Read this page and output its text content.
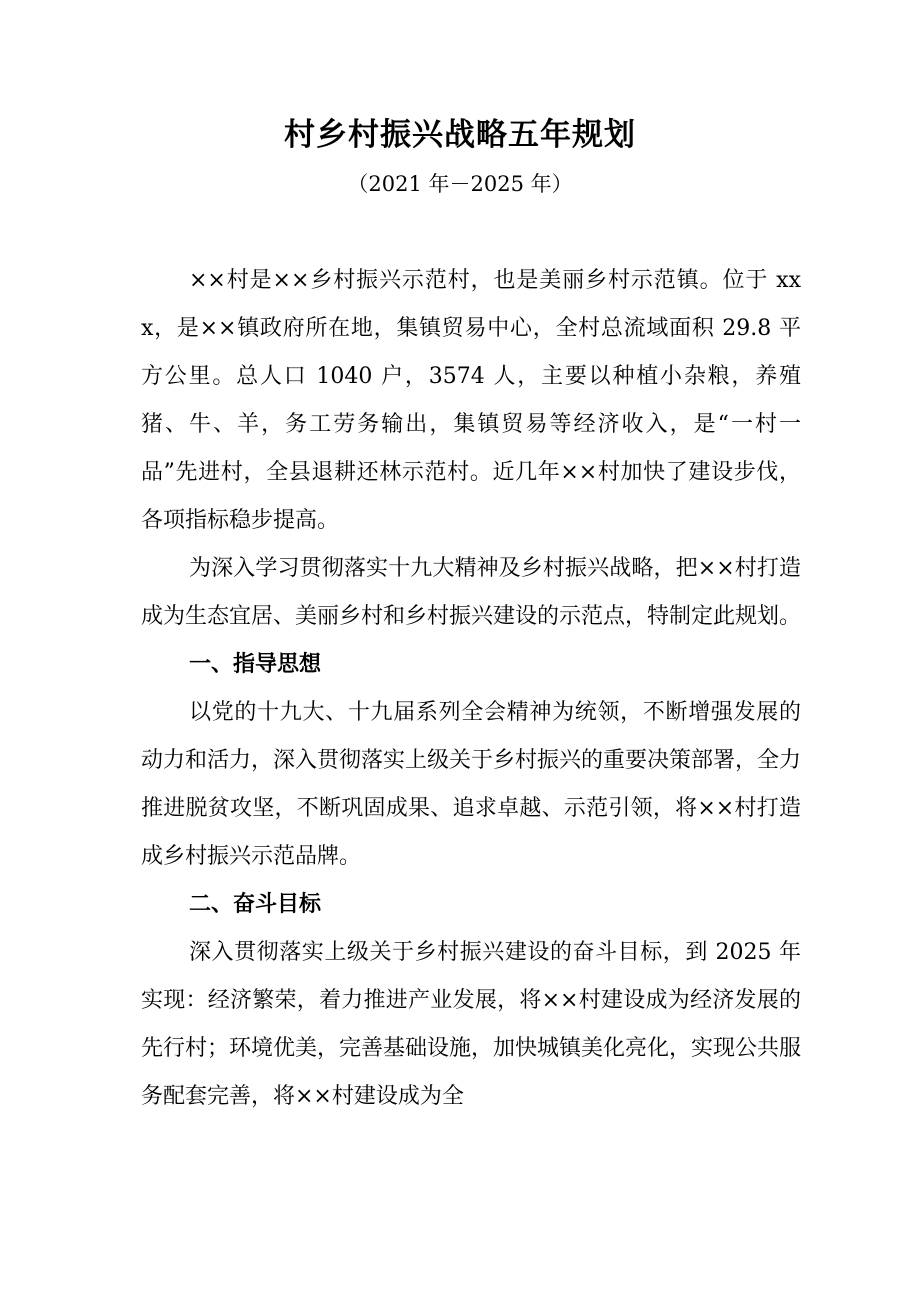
村乡村振兴战略五年规划
（2021 年－2025 年）

××村是××乡村振兴示范村，也是美丽乡村示范镇。位于 xxx，是××镇政府所在地，集镇贸易中心，全村总流域面积 29.8 平方公里。总人口 1040 户，3574 人，主要以种植小杂粮，养殖猪、牛、羊，务工劳务输出，集镇贸易等经济收入，是“一村一品”先进村，全县退耕还林示范村。近几年××村加快了建设步伐，各项指标稳步提高。

为深入学习贯彻落实十九大精神及乡村振兴战略，把××村打造成为生态宜居、美丽乡村和乡村振兴建设的示范点，特制定此规划。

一、指导思想

以党的十九大、十九届系列全会精神为统领，不断增强发展的动力和活力，深入贯彻落实上级关于乡村振兴的重要决策部署，全力推进脱贫攻坚，不断巩固成果、追求卓越、示范引领，将××村打造成乡村振兴示范品牌。

二、奋斗目标

深入贯彻落实上级关于乡村振兴建设的奋斗目标，到 2025 年实现：经济繁荣，着力推进产业发展，将××村建设成为经济发展的先行村；环境优美，完善基础设施，加快城镇美化亮化，实现公共服务配套完善，将××村建设成为全
